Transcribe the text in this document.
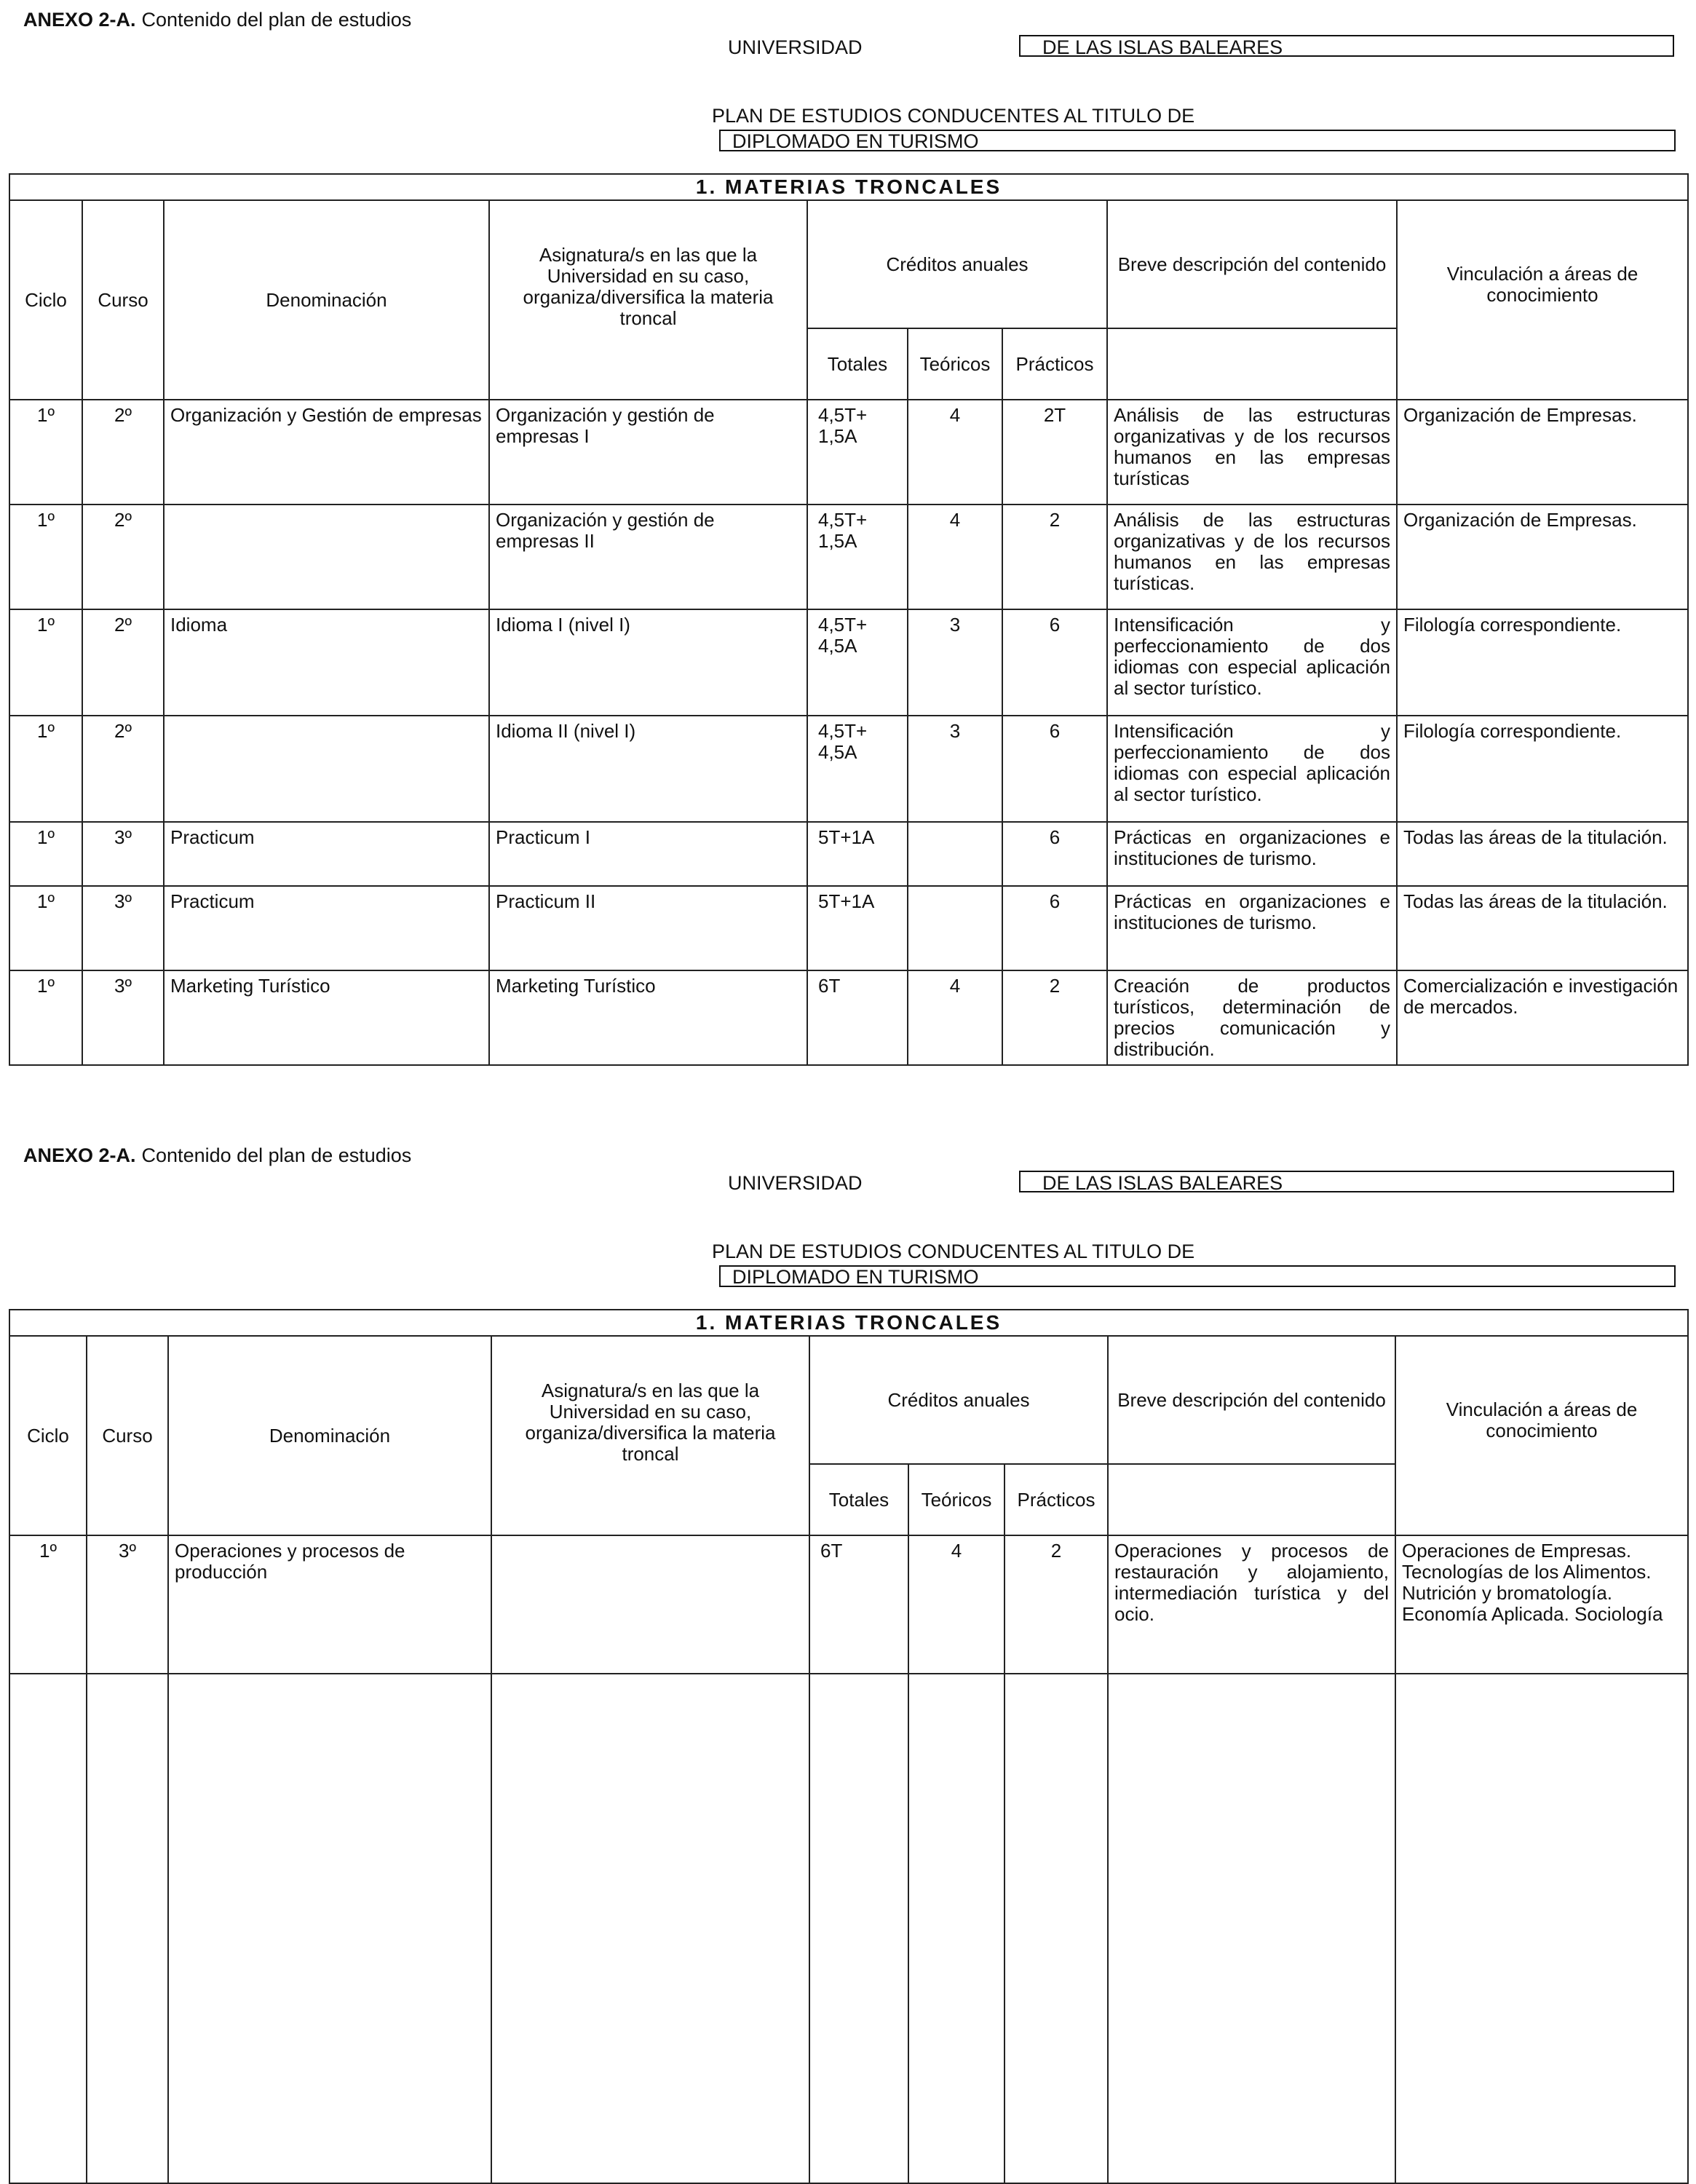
ANEXO 2-A. Contenido del plan de estudios
UNIVERSIDAD	DE LAS ISLAS BALEARES
PLAN DE ESTUDIOS CONDUCENTES AL TITULO DE
DIPLOMADO EN TURISMO
1. MATERIAS TRONCALES								
Ciclo	Curso	Denominación	Asignatura/s en las que la Universidad en su caso, organiza/diversifica la materia troncal	Créditos anuales			Breve descripción del contenido	Vinculación a áreas de conocimiento
				Totales	Teóricos	Prácticos		
1º	2º	Organización y Gestión de empresas	Organización y gestión de empresas I	4,5T+ 1,5A	4	2T	Análisis de las estructuras organizativas y de los recursos humanos en las empresas turísticas	Organización de Empresas.
1º	2º		Organización y gestión de empresas II	4,5T+ 1,5A	4	2	Análisis de las estructuras organizativas y de los recursos humanos en las empresas turísticas.	Organización de Empresas.
1º	2º	Idioma	Idioma I (nivel I)	4,5T+ 4,5A	3	6	Intensificación y perfeccionamiento de dos idiomas con especial aplicación al sector turístico.	Filología correspondiente.
1º	2º		Idioma II (nivel I)	4,5T+ 4,5A	3	6	Intensificación y perfeccionamiento de dos idiomas con especial aplicación al sector turístico.	Filología correspondiente.
1º	3º	Practicum	Practicum I	5T+1A		6	Prácticas en organizaciones e instituciones de turismo.	Todas las áreas de la titulación.
1º	3º	Practicum	Practicum II	5T+1A		6	Prácticas en organizaciones e instituciones de turismo.	Todas las áreas de la titulación.
1º	3º	Marketing Turístico	Marketing Turístico	6T	4	2	Creación de productos turísticos, determinación de precios comunicación y distribución.	Comercialización e investigación de mercados.
ANEXO 2-A. Contenido del plan de estudios
UNIVERSIDAD	DE LAS ISLAS BALEARES
PLAN DE ESTUDIOS CONDUCENTES AL TITULO DE
DIPLOMADO EN TURISMO
1. MATERIAS TRONCALES								
Ciclo	Curso	Denominación	Asignatura/s en las que la Universidad en su caso, organiza/diversifica la materia troncal	Créditos anuales			Breve descripción del contenido	Vinculación a áreas de conocimiento
				Totales	Teóricos	Prácticos		
1º	3º	Operaciones y procesos de producción		6T	4	2	Operaciones y procesos de restauración y alojamiento, intermediación turística y del ocio.	Operaciones de Empresas. Tecnologías de los Alimentos. Nutrición y bromatología. Economía Aplicada. Sociología
